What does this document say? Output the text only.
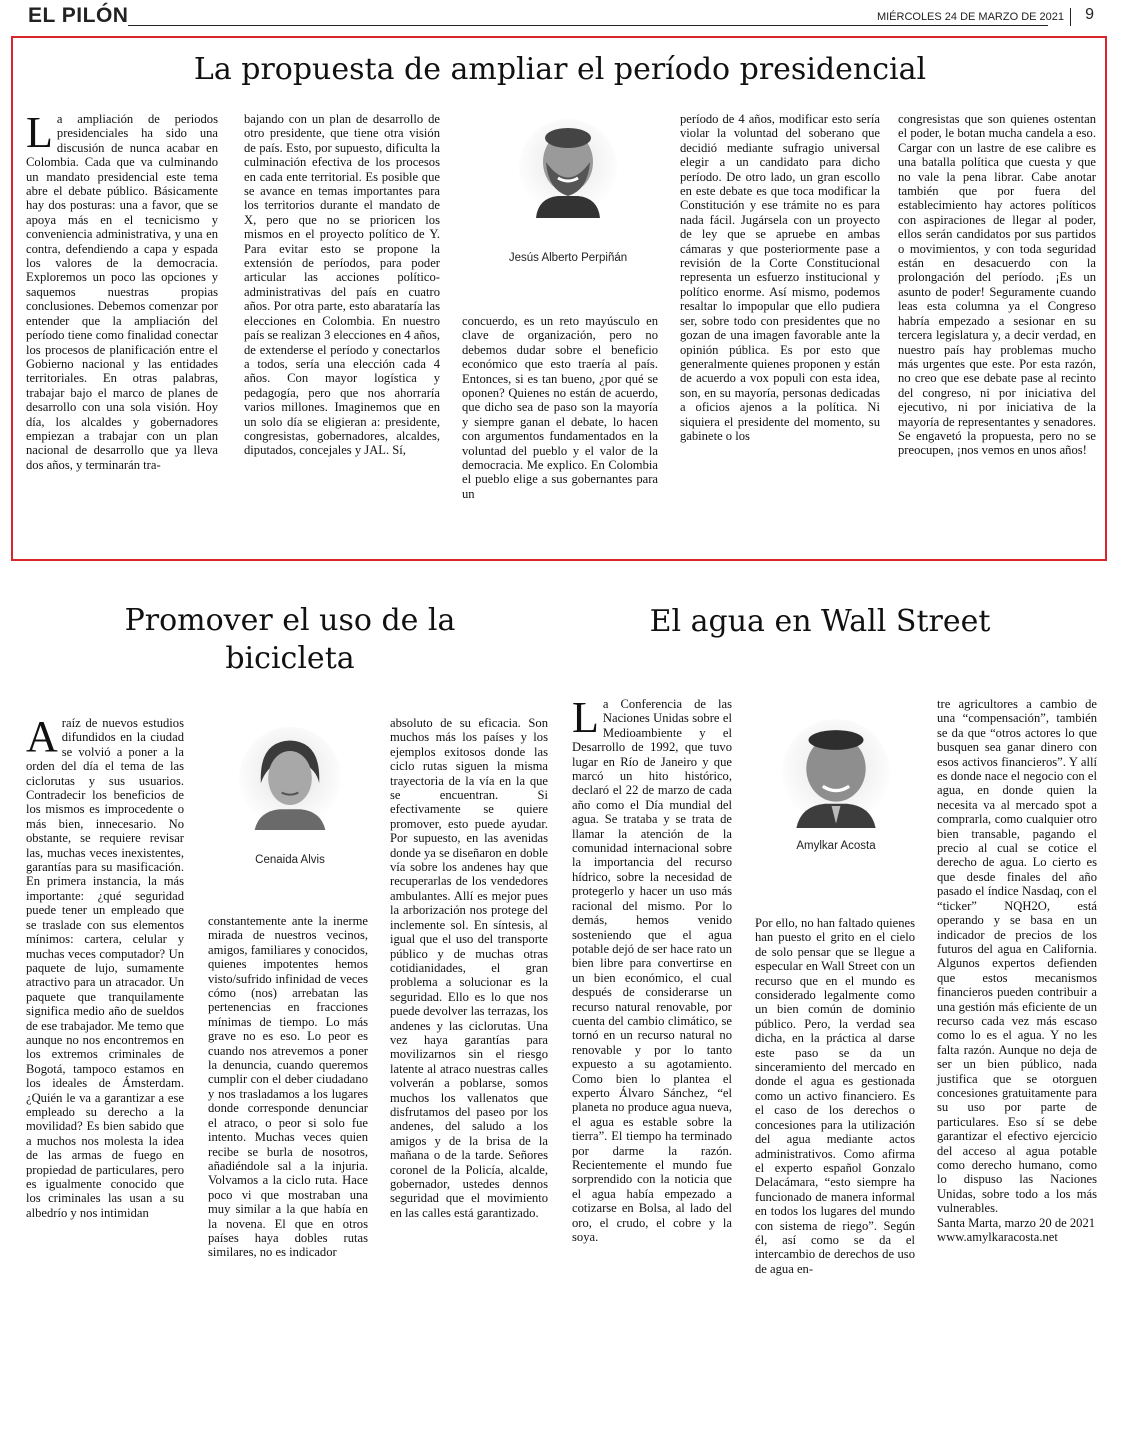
EL PILÓN	MIÉRCOLES 24 DE MARZO DE 2021 9
La propuesta de ampliar el período presidencial
La ampliación de periodos presidenciales ha sido una discusión de nunca acabar en Colombia. Cada que va culminando un mandato presidencial este tema abre el debate público. Básicamente hay dos posturas: una a favor, que se apoya más en el tecnicismo y conveniencia administrativa, y una en contra, defendiendo a capa y espada los valores de la democracia. Exploremos un poco las opciones y saquemos nuestras propias conclusiones. Debemos comenzar por entender que la ampliación del período tiene como finalidad conectar los procesos de planificación entre el Gobierno nacional y las entidades territoriales. En otras palabras, trabajar bajo el marco de planes de desarrollo con una sola visión. Hoy día, los alcaldes y gobernadores empiezan a trabajar con un plan nacional de desarrollo que ya lleva dos años, y terminarán tra-
bajando con un plan de desarrollo de otro presidente, que tiene otra visión de país. Esto, por supuesto, dificulta la culminación efectiva de los procesos en cada ente territorial. Es posible que se avance en temas importantes para los territorios durante el mandato de X, pero que no se prioricen los mismos en el proyecto político de Y. Para evitar esto se propone la extensión de períodos, para poder articular las acciones político-administrativas del país en cuatro años. Por otra parte, esto abarataría las elecciones en Colombia. En nuestro país se realizan 3 elecciones en 4 años, de extenderse el período y conectarlos a todos, sería una elección cada 4 años. Con mayor logística y pedagogía, pero que nos ahorraría varios millones. Imaginemos que en un solo día se eligieran a: presidente, congresistas, gobernadores, alcaldes, diputados, concejales y JAL. Sí,
Jesús Alberto Perpiñán
concuerdo, es un reto mayúsculo en clave de organización, pero no debemos dudar sobre el beneficio económico que esto traería al país. Entonces, si es tan bueno, ¿por qué se oponen? Quienes no están de acuerdo, que dicho sea de paso son la mayoría y siempre ganan el debate, lo hacen con argumentos fundamentados en la voluntad del pueblo y el valor de la democracia. Me explico. En Colombia el pueblo elige a sus gobernantes para un
período de 4 años, modificar esto sería violar la voluntad del soberano que decidió mediante sufragio universal elegir a un candidato para dicho período. De otro lado, un gran escollo en este debate es que toca modificar la Constitución y ese trámite no es para nada fácil. Jugársela con un proyecto de ley que se apruebe en ambas cámaras y que posteriormente pase a revisión de la Corte Constitucional representa un esfuerzo institucional y político enorme. Así mismo, podemos resaltar lo impopular que ello pudiera ser, sobre todo con presidentes que no gozan de una imagen favorable ante la opinión pública. Es por esto que generalmente quienes proponen y están de acuerdo a vox populi con esta idea, son, en su mayoría, personas dedicadas a oficios ajenos a la política. Ni siquiera el presidente del momento, su gabinete o los
congresistas que son quienes ostentan el poder, le botan mucha candela a eso. Cargar con un lastre de ese calibre es una batalla política que cuesta y que no vale la pena librar. Cabe anotar también que por fuera del establecimiento hay actores políticos con aspiraciones de llegar al poder, ellos serán candidatos por sus partidos o movimientos, y con toda seguridad están en desacuerdo con la prolongación del período. ¡Es un asunto de poder! Seguramente cuando leas esta columna ya el Congreso habría empezado a sesionar en su tercera legislatura y, a decir verdad, en nuestro país hay problemas mucho más urgentes que este. Por esta razón, no creo que ese debate pase al recinto del congreso, ni por iniciativa del ejecutivo, ni por iniciativa de la mayoría de representantes y senadores. Se engavetó la propuesta, pero no se preocupen, ¡nos vemos en unos años!
Promover el uso de la bicicleta
Araíz de nuevos estudios difundidos en la ciudad se volvió a poner a la orden del día el tema de las ciclorutas y sus usuarios. Contradecir los beneficios de los mismos es improcedente o más bien, innecesario. No obstante, se requiere revisar las, muchas veces inexistentes, garantías para su masificación. En primera instancia, la más importante: ¿qué seguridad puede tener un empleado que se traslade con sus elementos mínimos: cartera, celular y muchas veces computador? Un paquete de lujo, sumamente atractivo para un atracador. Un paquete que tranquilamente significa medio año de sueldos de ese trabajador. Me temo que aunque no nos encontremos en los extremos criminales de Bogotá, tampoco estamos en los ideales de Ámsterdam. ¿Quién le va a garantizar a ese empleado su derecho a la movilidad? Es bien sabido que a muchos nos molesta la idea de las armas de fuego en propiedad de particulares, pero es igualmente conocido que los criminales las usan a su albedrío y nos intimidan
Cenaida Alvis
constantemente ante la inerme mirada de nuestros vecinos, amigos, familiares y conocidos, quienes impotentes hemos visto/sufrido infinidad de veces cómo (nos) arrebatan las pertenencias en fracciones mínimas de tiempo. Lo más grave no es eso. Lo peor es cuando nos atrevemos a poner la denuncia, cuando queremos cumplir con el deber ciudadano y nos trasladamos a los lugares donde corresponde denunciar el atraco, o peor si solo fue intento. Muchas veces quien recibe se burla de nosotros, añadiéndole sal a la injuria. Volvamos a la ciclo ruta. Hace poco vi que mostraban una muy similar a la que había en la novena. El que en otros países haya dobles rutas similares, no es indicador
absoluto de su eficacia. Son muchos más los países y los ejemplos exitosos donde las ciclo rutas siguen la misma trayectoria de la vía en la que se encuentran. Si efectivamente se quiere promover, esto puede ayudar. Por supuesto, en las avenidas donde ya se diseñaron en doble vía sobre los andenes hay que recuperarlas de los vendedores ambulantes. Allí es mejor pues la arborización nos protege del inclemente sol. En síntesis, al igual que el uso del transporte público y de muchas otras cotidianidades, el gran problema a solucionar es la seguridad. Ello es lo que nos puede devolver las terrazas, los andenes y las ciclorutas. Una vez haya garantías para movilizarnos sin el riesgo latente al atraco nuestras calles volverán a poblarse, somos muchos los vallenatos que disfrutamos del paseo por los andenes, del saludo a los amigos y de la brisa de la mañana o de la tarde. Señores coronel de la Policía, alcalde, gobernador, ustedes dennos seguridad que el movimiento en las calles está garantizado.
El agua en Wall Street
La Conferencia de las Naciones Unidas sobre el Medioambiente y el Desarrollo de 1992, que tuvo lugar en Río de Janeiro y que marcó un hito histórico, declaró el 22 de marzo de cada año como el Día mundial del agua. Se trataba y se trata de llamar la atención de la comunidad internacional sobre la importancia del recurso hídrico, sobre la necesidad de protegerlo y hacer un uso más racional del mismo. Por lo demás, hemos venido sosteniendo que el agua potable dejó de ser hace rato un bien libre para convertirse en un bien económico, el cual después de considerarse un recurso natural renovable, por cuenta del cambio climático, se tornó en un recurso natural no renovable y por lo tanto expuesto a su agotamiento. Como bien lo plantea el experto Álvaro Sánchez, “el planeta no produce agua nueva, el agua es estable sobre la tierra”. El tiempo ha terminado por darme la razón. Recientemente el mundo fue sorprendido con la noticia que el agua había empezado a cotizarse en Bolsa, al lado del oro, el crudo, el cobre y la soya.
Amylkar Acosta
Por ello, no han faltado quienes han puesto el grito en el cielo de solo pensar que se llegue a especular en Wall Street con un recurso que en el mundo es considerado legalmente como un bien común de dominio público. Pero, la verdad sea dicha, en la práctica al darse este paso se da un sinceramiento del mercado en donde el agua es gestionada como un activo financiero. Es el caso de los derechos o concesiones para la utilización del agua mediante actos administrativos. Como afirma el experto español Gonzalo Delacámara, “esto siempre ha funcionado de manera informal en todos los lugares del mundo con sistema de riego”. Según él, así como se da el intercambio de derechos de uso de agua en-
tre agricultores a cambio de una “compensación”, también se da que “otros actores lo que busquen sea ganar dinero con esos activos financieros”. Y allí es donde nace el negocio con el agua, en donde quien la necesita va al mercado spot a comprarla, como cualquier otro bien transable, pagando el precio al cual se cotice el derecho de agua. Lo cierto es que desde finales del año pasado el índice Nasdaq, con el “ticker” NQH2O, está operando y se basa en un indicador de precios de los futuros del agua en California. Algunos expertos defienden que estos mecanismos financieros pueden contribuir a una gestión más eficiente de un recurso cada vez más escaso como lo es el agua. Y no les falta razón. Aunque no deja de ser un bien público, nada justifica que se otorguen concesiones gratuitamente para su uso por parte de particulares. Eso sí se debe garantizar el efectivo ejercicio del acceso al agua potable como derecho humano, como lo dispuso las Naciones Unidas, sobre todo a los más vulnerables.

Santa Marta, marzo 20 de 2021

www.amylkaracosta.net
